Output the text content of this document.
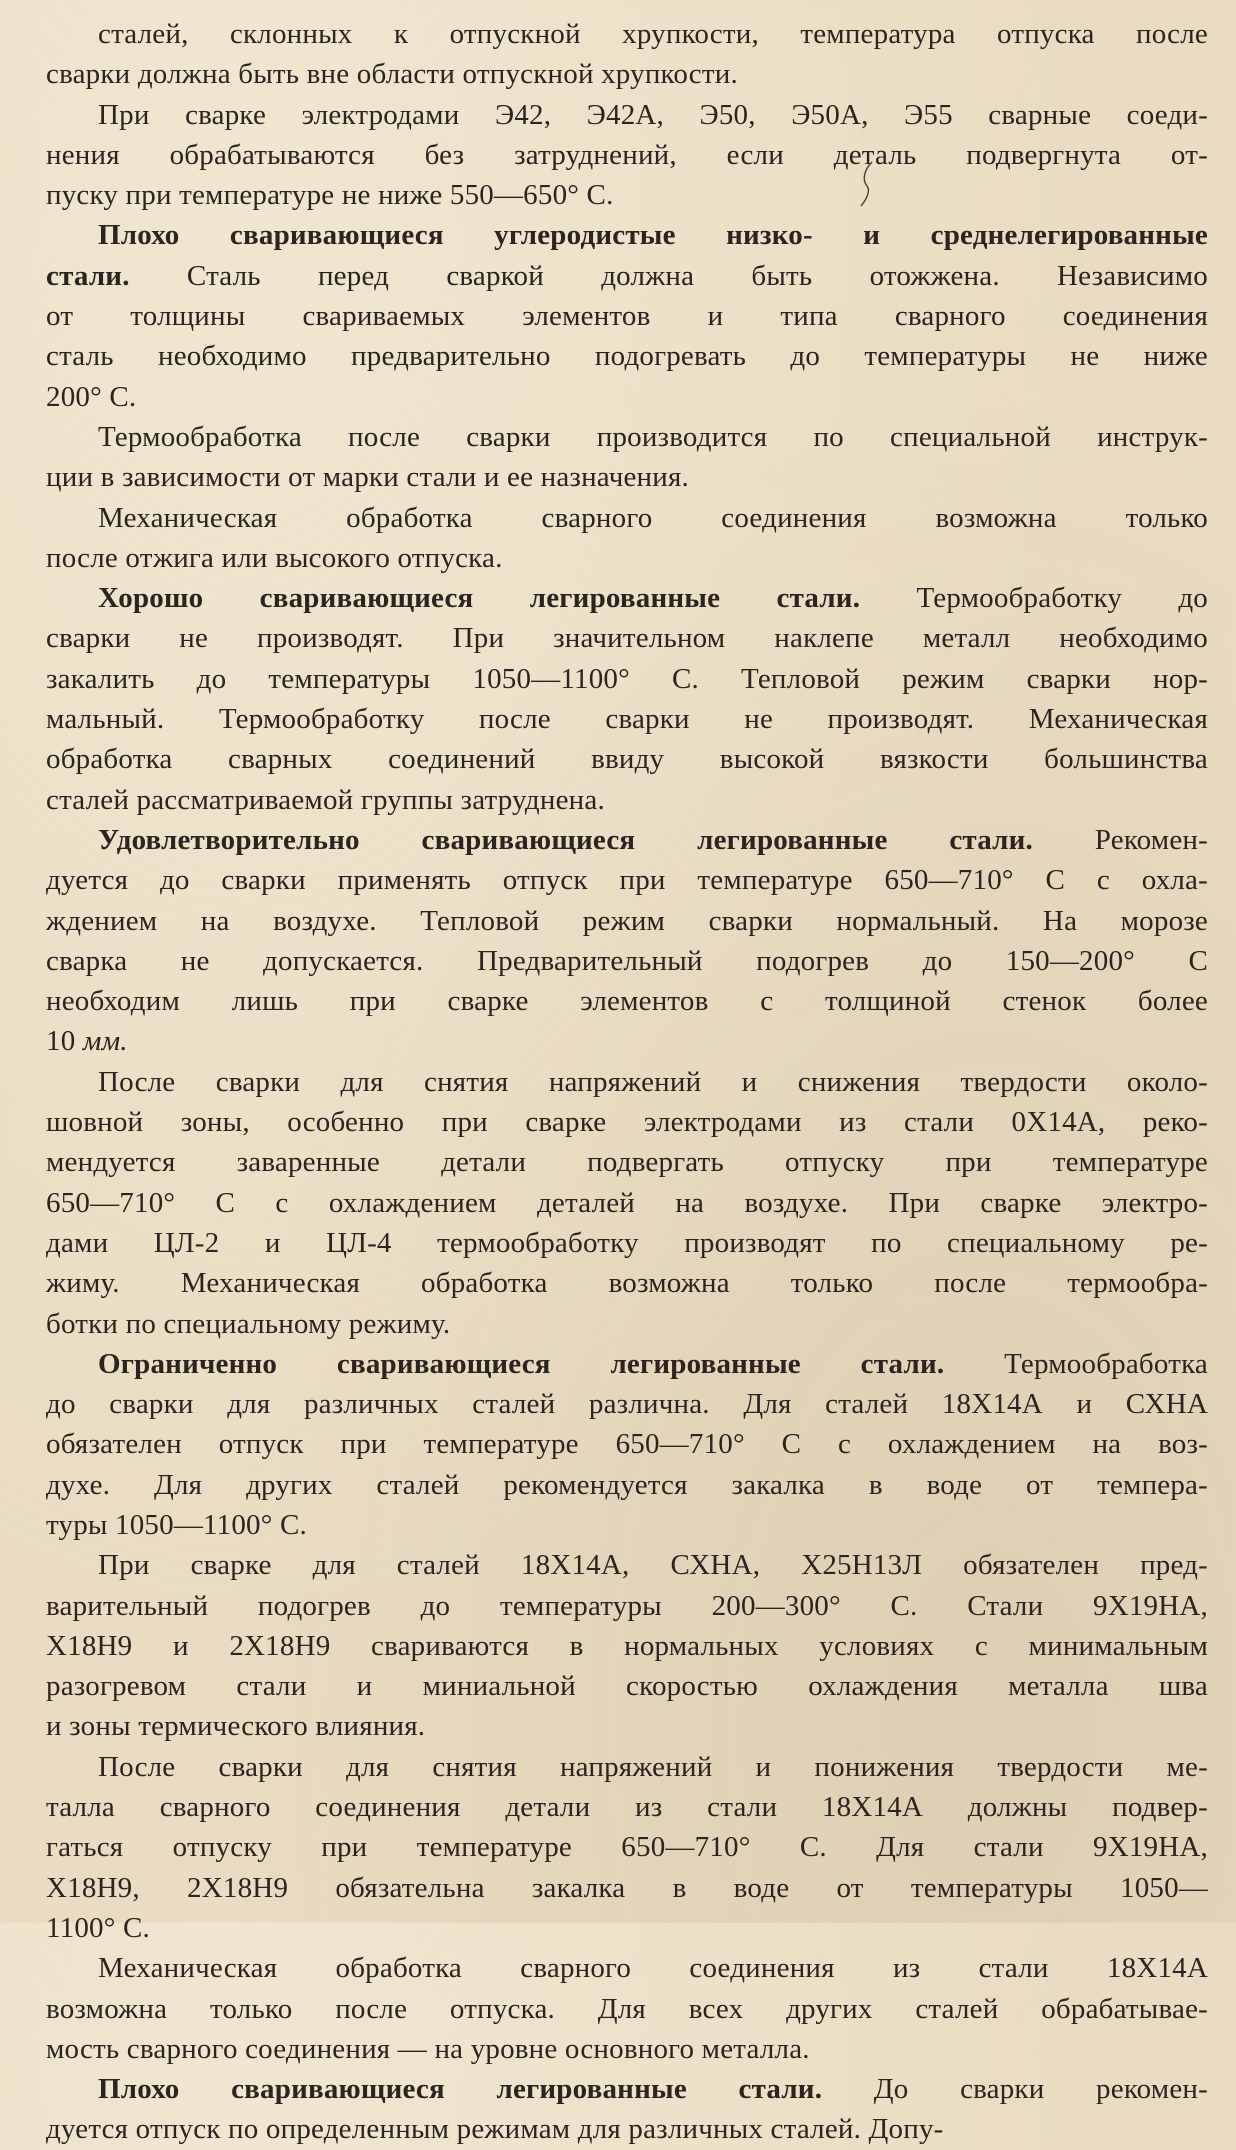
сталей, склонных к отпускной хрупкости, температура отпуска после
сварки должна быть вне области отпускной хрупкости.
При сварке электродами Э42, Э42А, Э50, Э50А, Э55 сварные соеди-
нения обрабатываются без затруднений, если деталь подвергнута от-
пуску при температуре не ниже 550—650° С.
Плохо сваривающиеся углеродистые низко- и среднелегированные
стали. Сталь перед сваркой должна быть отожжена. Независимо
от толщины свариваемых элементов и типа сварного соединения
сталь необходимо предварительно подогревать до температуры не ниже
200° С.
Термообработка после сварки производится по специальной инструк-
ции в зависимости от марки стали и ее назначения.
Механическая обработка сварного соединения возможна только
после отжига или высокого отпуска.
Хорошо сваривающиеся легированные стали. Термообработку до
сварки не производят. При значительном наклепе металл необходимо
закалить до температуры 1050—1100° С. Тепловой режим сварки нор-
мальный. Термообработку после сварки не производят. Механическая
обработка сварных соединений ввиду высокой вязкости большинства
сталей рассматриваемой группы затруднена.
Удовлетворительно сваривающиеся легированные стали. Рекомен-
дуется до сварки применять отпуск при температуре 650—710° С с охла-
ждением на воздухе. Тепловой режим сварки нормальный. На морозе
сварка не допускается. Предварительный подогрев до 150—200° С
необходим лишь при сварке элементов с толщиной стенок более
10 мм.
После сварки для снятия напряжений и снижения твердости около-
шовной зоны, особенно при сварке электродами из стали 0Х14А, реко-
мендуется заваренные детали подвергать отпуску при температуре
650—710° С с охлаждением деталей на воздухе. При сварке электро-
дами ЦЛ-2 и ЦЛ-4 термообработку производят по специальному ре-
жиму. Механическая обработка возможна только после термообра-
ботки по специальному режиму.
Ограниченно сваривающиеся легированные стали. Термообработка
до сварки для различных сталей различна. Для сталей 18Х14А и СХНА
обязателен отпуск при температуре 650—710° С с охлаждением на воз-
духе. Для других сталей рекомендуется закалка в воде от темпера-
туры 1050—1100° С.
При сварке для сталей 18Х14А, СХНА, Х25Н13Л обязателен пред-
варительный подогрев до температуры 200—300° С. Стали 9Х19НА,
Х18Н9 и 2Х18Н9 свариваются в нормальных условиях с минимальным
разогревом стали и миниальной скоростью охлаждения металла шва
и зоны термического влияния.
После сварки для снятия напряжений и понижения твердости ме-
талла сварного соединения детали из стали 18Х14А должны подвер-
гаться отпуску при температуре 650—710° С. Для стали 9Х19НА,
Х18Н9, 2Х18Н9 обязательна закалка в воде от температуры 1050—
1100° С.
Механическая обработка сварного соединения из стали 18Х14А
возможна только после отпуска. Для всех других сталей обрабатывае-
мость сварного соединения — на уровне основного металла.
Плохо сваривающиеся легированные стали. До сварки рекомен-
дуется отпуск по определенным режимам для различных сталей. Допу-
